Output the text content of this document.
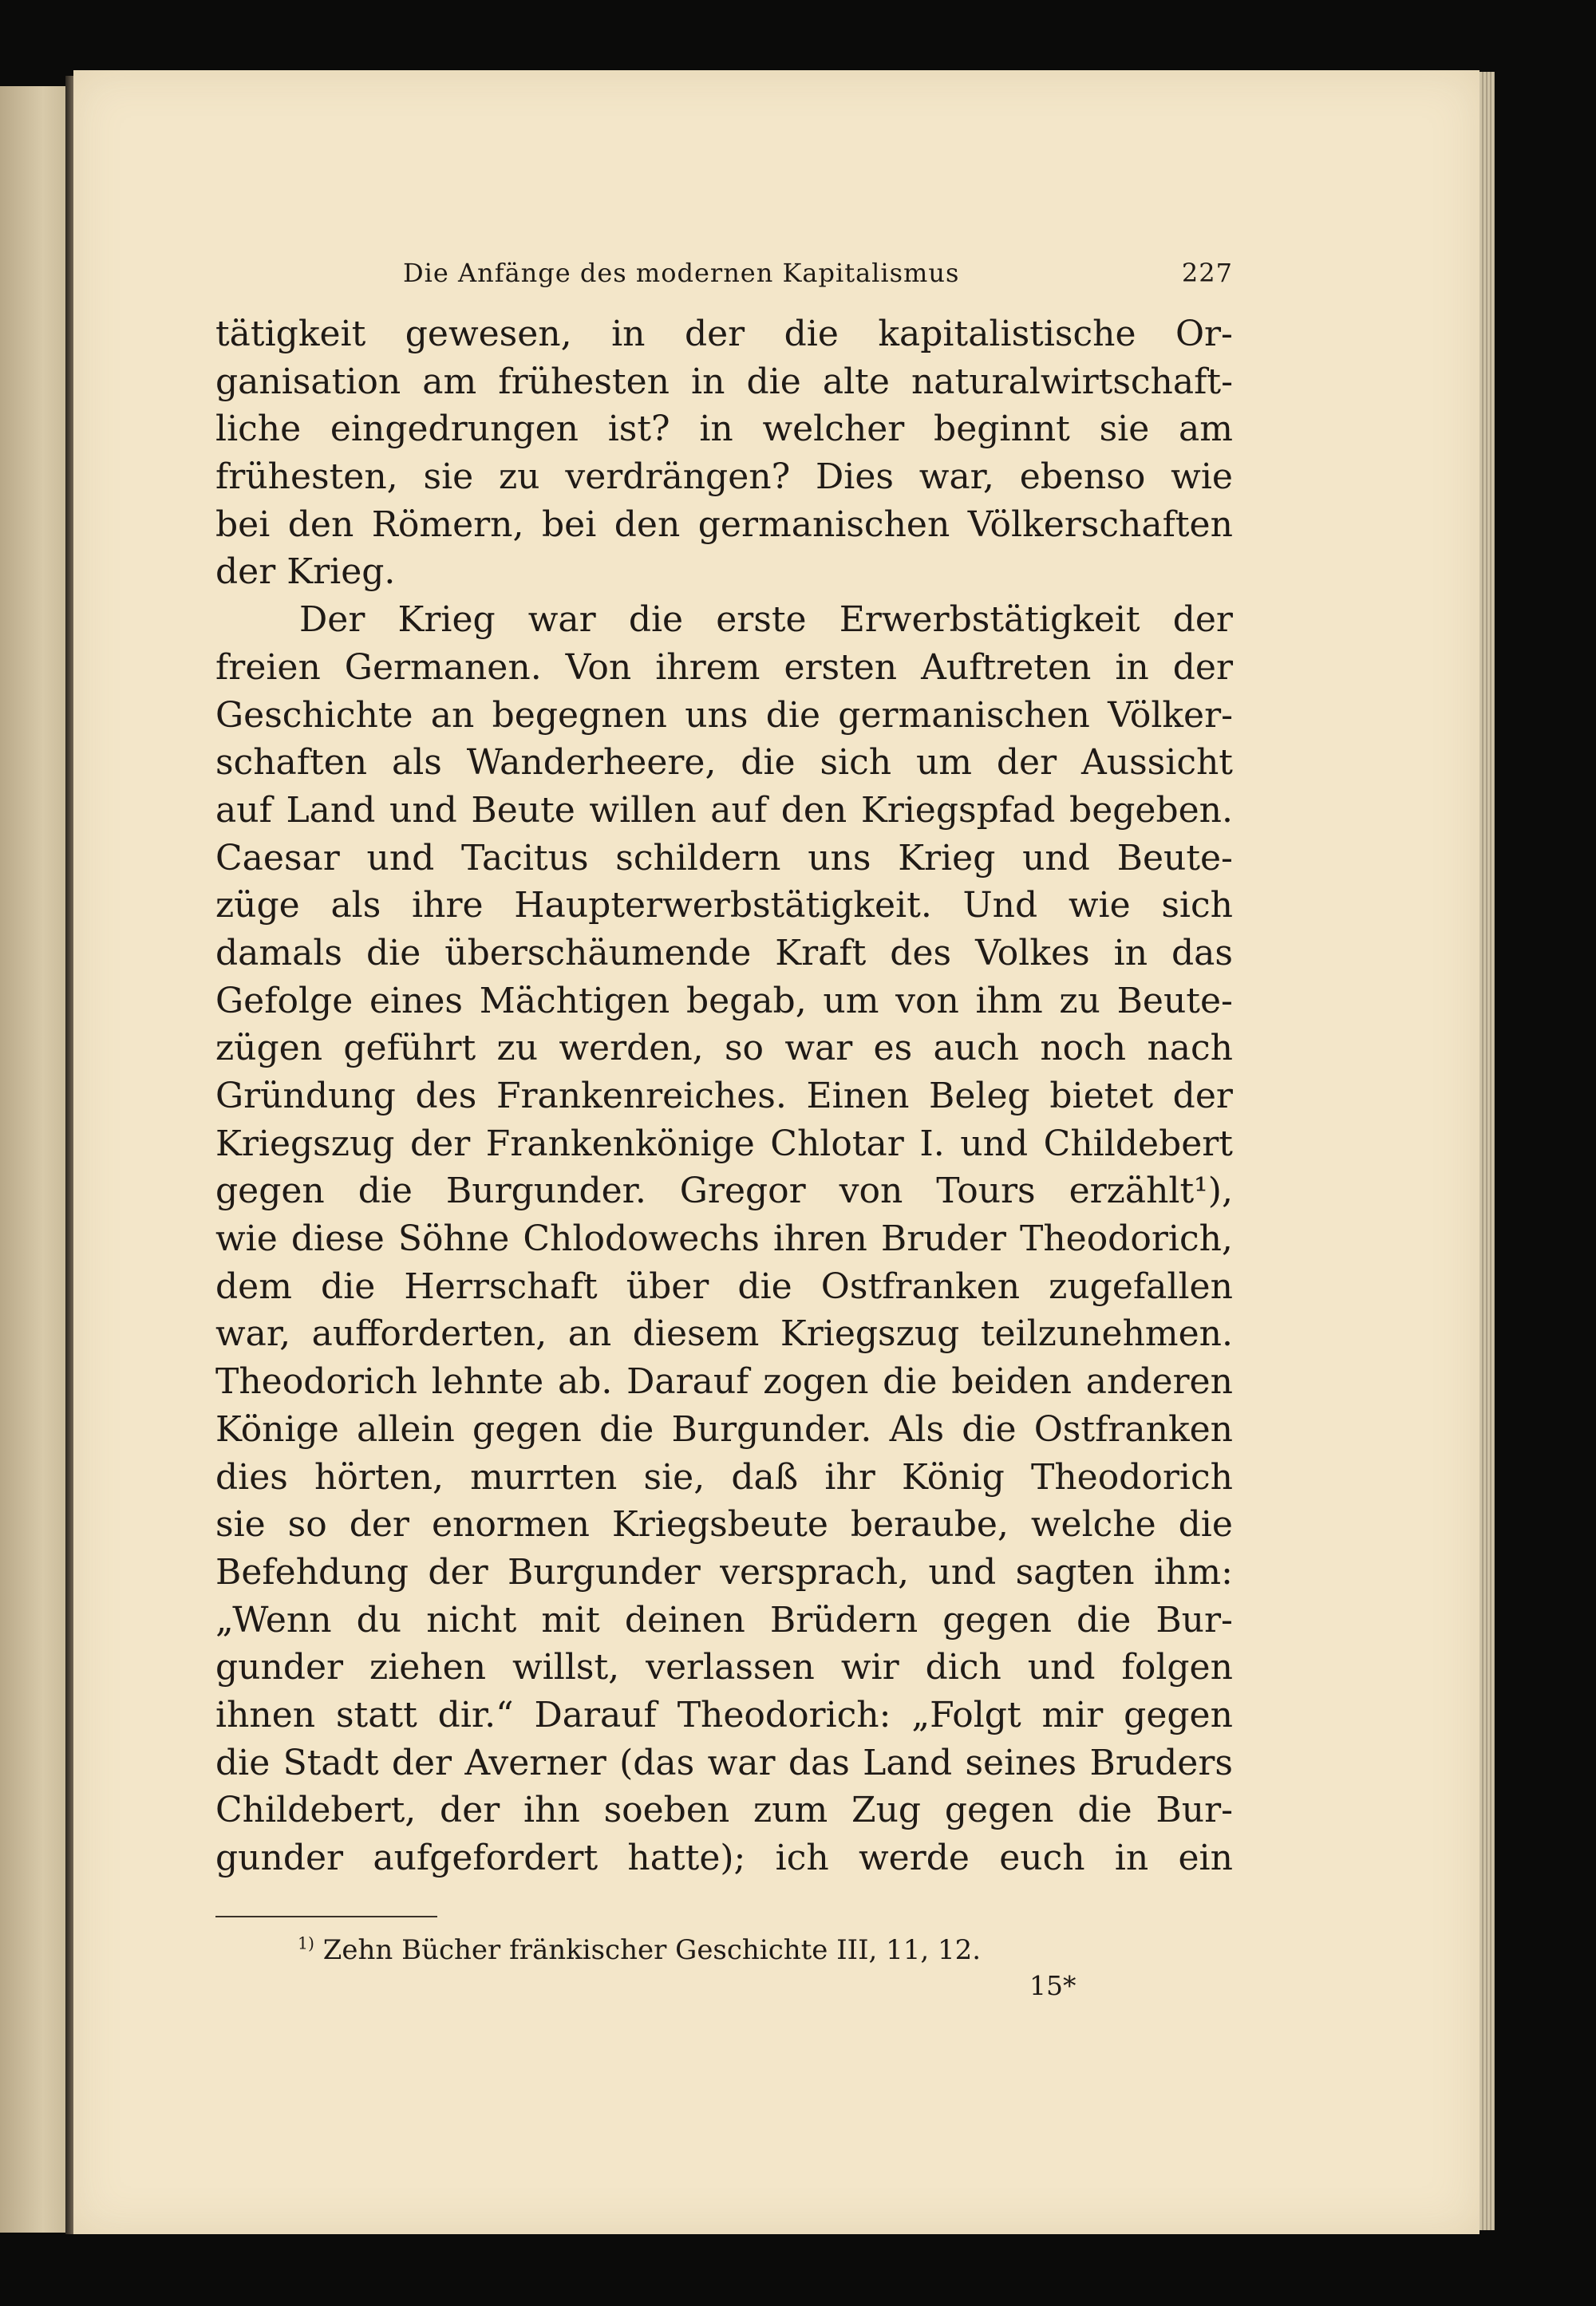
Die Anfänge des modernen Kapitalismus	227
tätigkeit gewesen, in der die kapitalistische Or-
ganisation am frühesten in die alte naturalwirtschaft-
liche eingedrungen ist? in welcher beginnt sie am
frühesten, sie zu verdrängen? Dies war, ebenso wie
bei den Römern, bei den germanischen Völkerschaften
der Krieg.
Der Krieg war die erste Erwerbstätigkeit der
freien Germanen. Von ihrem ersten Auftreten in der
Geschichte an begegnen uns die germanischen Völker-
schaften als Wanderheere, die sich um der Aussicht
auf Land und Beute willen auf den Kriegspfad begeben.
Caesar und Tacitus schildern uns Krieg und Beute-
züge als ihre Haupterwerbstätigkeit. Und wie sich
damals die überschäumende Kraft des Volkes in das
Gefolge eines Mächtigen begab, um von ihm zu Beute-
zügen geführt zu werden, so war es auch noch nach
Gründung des Frankenreiches. Einen Beleg bietet der
Kriegszug der Frankenkönige Chlotar I. und Childebert
gegen die Burgunder. Gregor von Tours erzählt¹),
wie diese Söhne Chlodowechs ihren Bruder Theodorich,
dem die Herrschaft über die Ostfranken zugefallen
war, aufforderten, an diesem Kriegszug teilzunehmen.
Theodorich lehnte ab. Darauf zogen die beiden anderen
Könige allein gegen die Burgunder. Als die Ostfranken
dies hörten, murrten sie, daß ihr König Theodorich
sie so der enormen Kriegsbeute beraube, welche die
Befehdung der Burgunder versprach, und sagten ihm:
„Wenn du nicht mit deinen Brüdern gegen die Bur-
gunder ziehen willst, verlassen wir dich und folgen
ihnen statt dir.“ Darauf Theodorich: „Folgt mir gegen
die Stadt der Averner (das war das Land seines Bruders
Childebert, der ihn soeben zum Zug gegen die Bur-
gunder aufgefordert hatte); ich werde euch in ein
$^{1)}$ Zehn Bücher fränkischer Geschichte III, 11, 12.
15*
